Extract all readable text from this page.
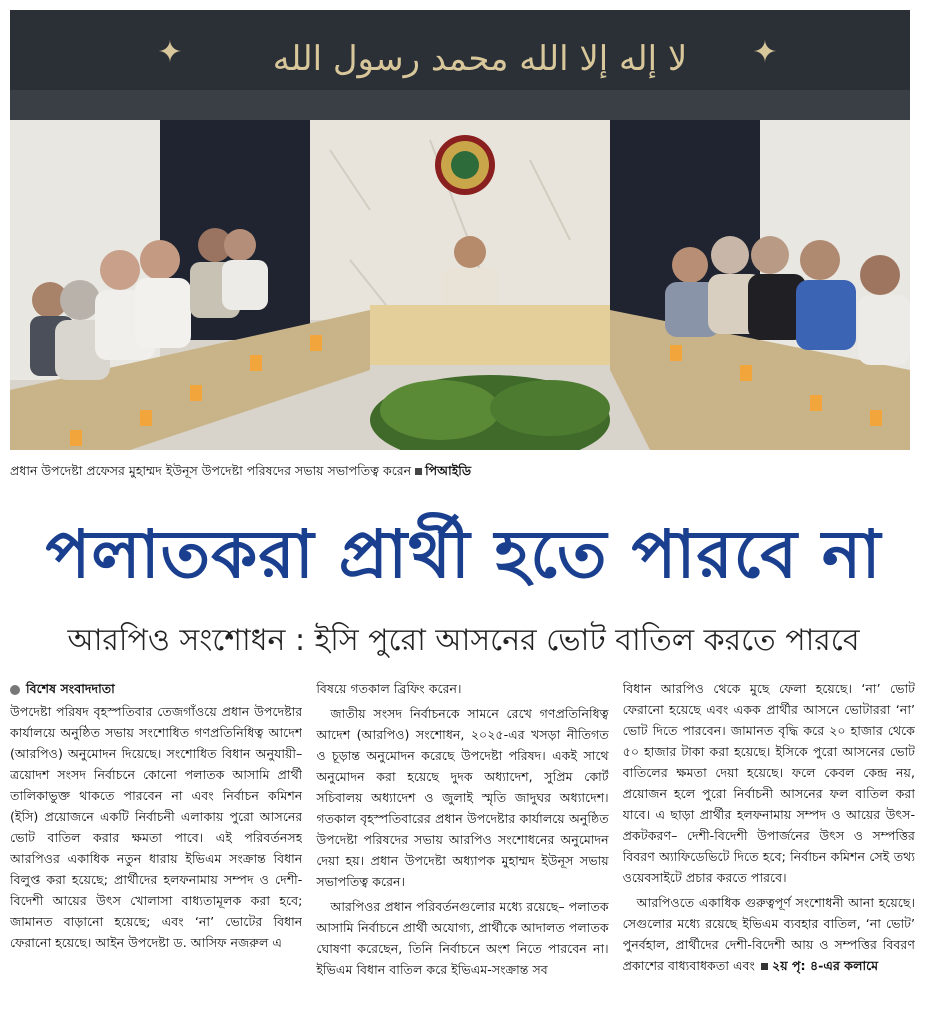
لا إله إلا الله محمد رسول الله
✦	✦
প্রধান উপদেষ্টা প্রফেসর মুহাম্মদ ইউনূস উপদেষ্টা পরিষদের সভায় সভাপতিত্ব করেন পিআইডি
পলাতকরা প্রার্থী হতে পারবে না
আরপিও সংশোধন : ইসি পুরো আসনের ভোট বাতিল করতে পারবে
বিশেষ সংবাদদাতা

উপদেষ্টা পরিষদ বৃহস্পতিবার তেজগাঁওয়ে প্রধান উপদেষ্টার কার্যালয়ে অনুষ্ঠিত সভায় সংশোধিত গণপ্রতিনিধিত্ব আদেশ (আরপিও) অনুমোদন দিয়েছে। সংশোধিত বিধান অনুযায়ী– ত্রয়োদশ সংসদ নির্বাচনে কোনো পলাতক আসামি প্রার্থী তালিকাভুক্ত থাকতে পারবেন না এবং নির্বাচন কমিশন (ইসি) প্রয়োজনে একটি নির্বাচনী এলাকায় পুরো আসনের ভোট বাতিল করার ক্ষমতা পাবে। এই পরিবর্তনসহ আরপিওর একাধিক নতুন ধারায় ইভিএম সংক্রান্ত বিধান বিলুপ্ত করা হয়েছে; প্রার্থীদের হলফনামায় সম্পদ ও দেশী-বিদেশী আয়ের উৎস খোলাসা বাধ্যতামূলক করা হবে; জামানত বাড়ানো হয়েছে; এবং ‘না’ ভোটের বিধান ফেরানো হয়েছে। আইন উপদেষ্টা ড. আসিফ নজরুল এ

বিষয়ে গতকাল ব্রিফিং করেন।

জাতীয় সংসদ নির্বাচনকে সামনে রেখে গণপ্রতিনিধিত্ব আদেশ (আরপিও) সংশোধন, ২০২৫-এর খসড়া নীতিগত ও চূড়ান্ত অনুমোদন করেছে উপদেষ্টা পরিষদ। একই সাথে অনুমোদন করা হয়েছে দুদক অধ্যাদেশ, সুপ্রিম কোর্ট সচিবালয় অধ্যাদেশ ও জুলাই স্মৃতি জাদুঘর অধ্যাদেশ। গতকাল বৃহস্পতিবারের প্রধান উপদেষ্টার কার্যালয়ে অনুষ্ঠিত উপদেষ্টা পরিষদের সভায় আরপিও সংশোধনের অনুমোদন দেয়া হয়। প্রধান উপদেষ্টা অধ্যাপক মুহাম্মদ ইউনূস সভায় সভাপতিত্ব করেন।

আরপিওর প্রধান পরিবর্তনগুলোর মধ্যে রয়েছে– পলাতক আসামি নির্বাচনে প্রার্থী অযোগ্য, প্রার্থীকে আদালত পলাতক ঘোষণা করেছেন, তিনি নির্বাচনে অংশ নিতে পারবেন না। ইভিএম বিধান বাতিল করে ইভিএম-সংক্রান্ত সব

বিধান আরপিও থেকে মুছে ফেলা হয়েছে। ‘না’ ভোট ফেরানো হয়েছে এবং একক প্রার্থীর আসনে ভোটাররা ‘না’ ভোট দিতে পারবেন। জামানত বৃদ্ধি করে ২০ হাজার থেকে ৫০ হাজার টাকা করা হয়েছে। ইসিকে পুরো আসনের ভোট বাতিলের ক্ষমতা দেয়া হয়েছে। ফলে কেবল কেন্দ্র নয়, প্রয়োজন হলে পুরো নির্বাচনী আসনের ফল বাতিল করা যাবে। এ ছাড়া প্রার্থীর হলফনামায় সম্পদ ও আয়ের উৎস-প্রকটকরণ– দেশী-বিদেশী উপার্জনের উৎস ও সম্পত্তির বিবরণ অ্যাফিডেভিটে দিতে হবে; নির্বাচন কমিশন সেই তথ্য ওয়েবসাইটে প্রচার করতে পারবে।

আরপিওতে একাধিক গুরুত্বপূর্ণ সংশোধনী আনা হয়েছে। সেগুলোর মধ্যে রয়েছে ইভিএম ব্যবহার বাতিল, ‘না ভোট’ পুনর্বহাল, প্রার্থীদের দেশী-বিদেশী আয় ও সম্পত্তির বিবরণ প্রকাশের বাধ্যবাধকতা এবং ২য় পৃ: ৪-এর কলামে
